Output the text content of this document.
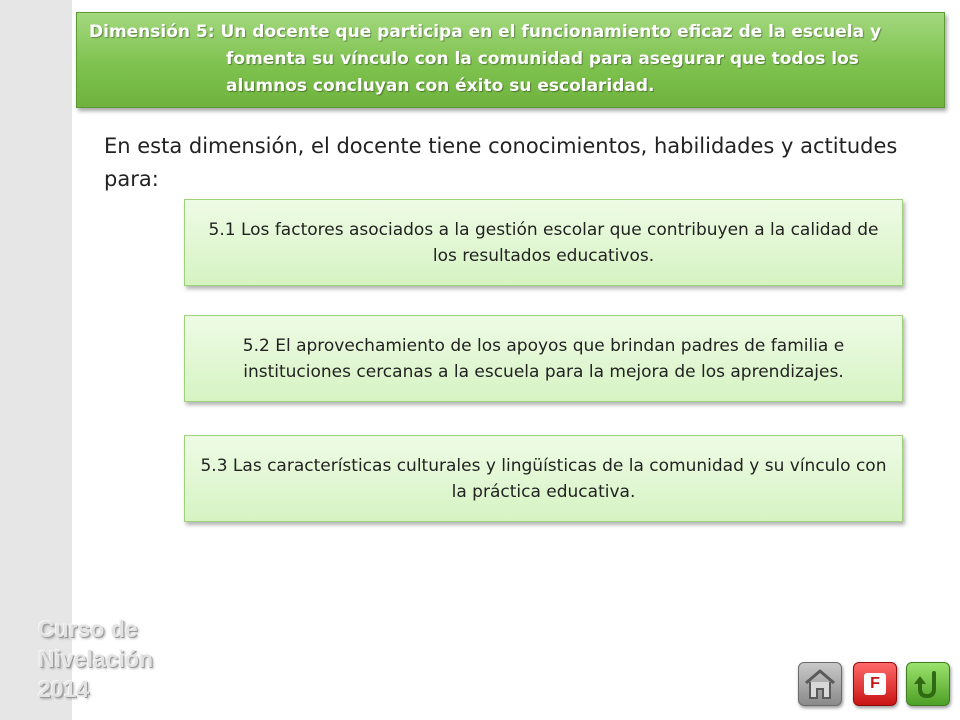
Dimensión 5: Un docente que participa en el funcionamiento eficaz de la escuela y
fomenta su vínculo con la comunidad para asegurar que todos los
alumnos concluyan con éxito su escolaridad.
En esta dimensión, el docente tiene conocimientos, habilidades y actitudes para:
5.1 Los factores asociados a la gestión escolar que contribuyen a la calidad de los resultados educativos.
5.2 El aprovechamiento de los apoyos que brindan padres de familia e instituciones cercanas a la escuela para la mejora de los aprendizajes.
5.3 Las características culturales y lingüísticas de la comunidad y su vínculo con la práctica educativa.
Curso de
Nivelación
2014	F
